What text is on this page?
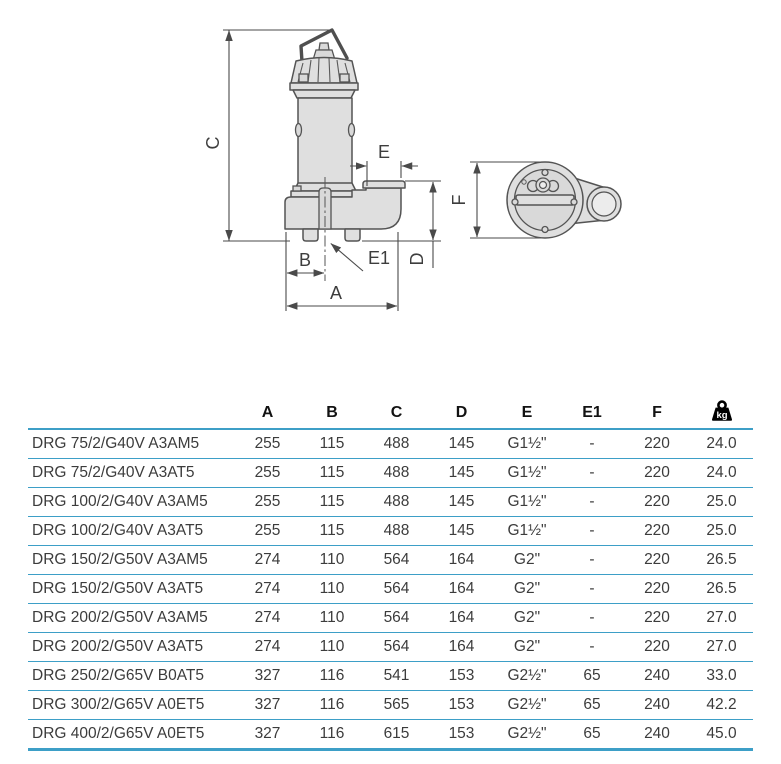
C	E
E1
B
A
D
F
	A	B	C	D	E	E1	F	kg

DRG 75/2/G40V A3AM5	255	115	488	145	G1½"	-	220	24.0
DRG 75/2/G40V A3AT5	255	115	488	145	G1½"	-	220	24.0
DRG 100/2/G40V A3AM5	255	115	488	145	G1½"	-	220	25.0
DRG 100/2/G40V A3AT5	255	115	488	145	G1½"	-	220	25.0
DRG 150/2/G50V A3AM5	274	110	564	164	G2"	-	220	26.5
DRG 150/2/G50V A3AT5	274	110	564	164	G2"	-	220	26.5
DRG 200/2/G50V A3AM5	274	110	564	164	G2"	-	220	27.0
DRG 200/2/G50V A3AT5	274	110	564	164	G2"	-	220	27.0
DRG 250/2/G65V B0AT5	327	116	541	153	G2½"	65	240	33.0
DRG 300/2/G65V A0ET5	327	116	565	153	G2½"	65	240	42.2
DRG 400/2/G65V A0ET5	327	116	615	153	G2½"	65	240	45.0
